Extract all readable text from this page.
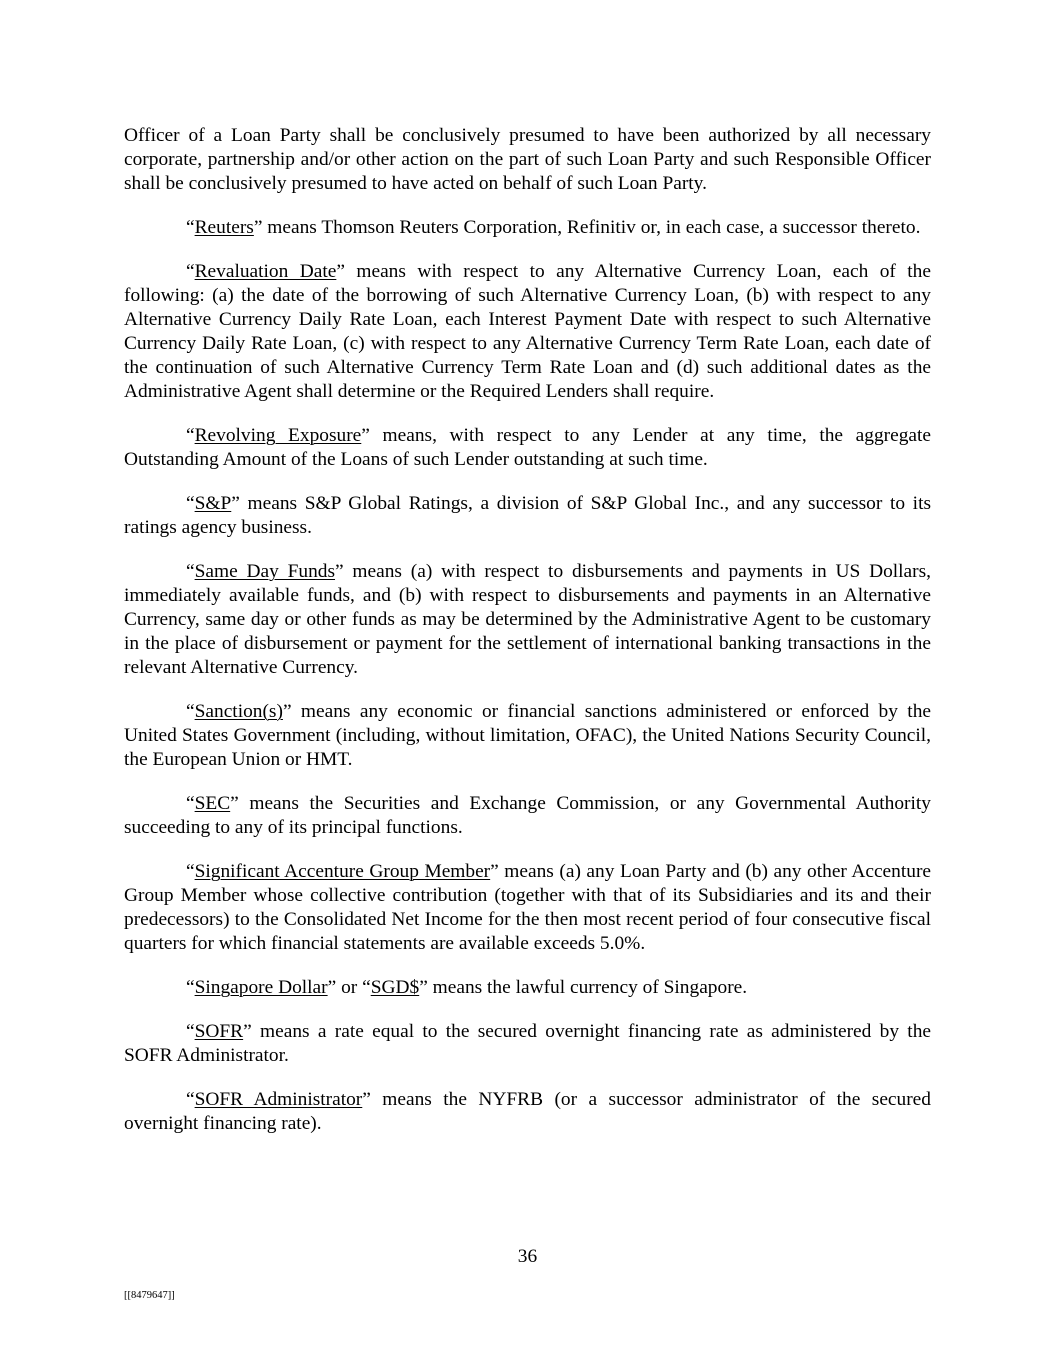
Officer of a Loan Party shall be conclusively presumed to have been authorized by all necessary corporate, partnership and/or other action on the part of such Loan Party and such Responsible Officer shall be conclusively presumed to have acted on behalf of such Loan Party.

“Reuters” means Thomson Reuters Corporation, Refinitiv or, in each case, a successor thereto.

“Revaluation Date” means with respect to any Alternative Currency Loan, each of the following: (a) the date of the borrowing of such Alternative Currency Loan, (b) with respect to any Alternative Currency Daily Rate Loan, each Interest Payment Date with respect to such Alternative Currency Daily Rate Loan, (c) with respect to any Alternative Currency Term Rate Loan, each date of the continuation of such Alternative Currency Term Rate Loan and (d) such additional dates as the Administrative Agent shall determine or the Required Lenders shall require.

“Revolving Exposure” means, with respect to any Lender at any time, the aggregate Outstanding Amount of the Loans of such Lender outstanding at such time.

“S&P” means S&P Global Ratings, a division of S&P Global Inc., and any successor to its ratings agency business.

“Same Day Funds” means (a) with respect to disbursements and payments in US Dollars, immediately available funds, and (b) with respect to disbursements and payments in an Alternative Currency, same day or other funds as may be determined by the Administrative Agent to be customary in the place of disbursement or payment for the settlement of international banking transactions in the relevant Alternative Currency.

“Sanction(s)” means any economic or financial sanctions administered or enforced by the United States Government (including, without limitation, OFAC), the United Nations Security Council, the European Union or HMT.

“SEC” means the Securities and Exchange Commission, or any Governmental Authority succeeding to any of its principal functions.

“Significant Accenture Group Member” means (a) any Loan Party and (b) any other Accenture Group Member whose collective contribution (together with that of its Subsidiaries and its and their predecessors) to the Consolidated Net Income for the then most recent period of four consecutive fiscal quarters for which financial statements are available exceeds 5.0%.

“Singapore Dollar” or “SGD$” means the lawful currency of Singapore.

“SOFR” means a rate equal to the secured overnight financing rate as administered by the SOFR Administrator.

“SOFR Administrator” means the NYFRB (or a successor administrator of the secured overnight financing rate).

36
[[8479647]]
